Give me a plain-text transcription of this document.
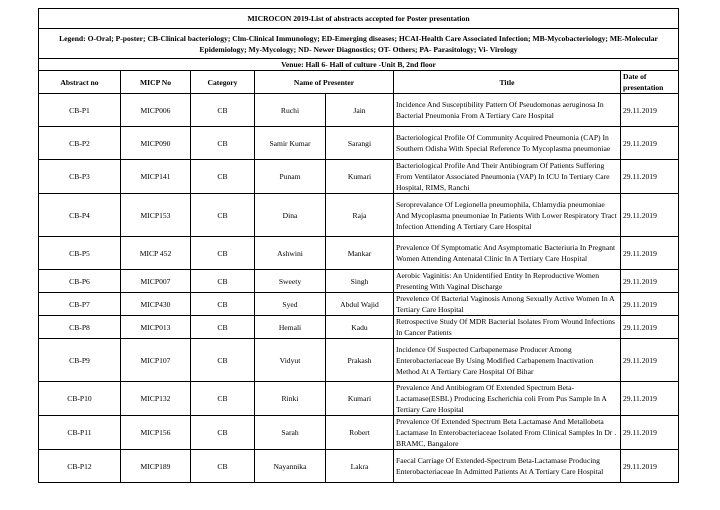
MICROCON 2019-List of abstracts accepted for Poster presentation						
Legend: O-Oral; P-poster; CB-Clinical bacteriology; Clm-Clinical Immunology; ED-Emerging diseases; HCAI-Health Care Associated Infection; MB-Mycobacteriology; ME-Molecular Epidemiology; My-Mycology; ND- Newer Diagnostics; OT- Others; PA- Parasitology; Vi- Virology						
Venue: Hall 6- Hall of culture -Unit B, 2nd floor						
Abstract no	MICP No	Category	Name of Presenter		Title	Date of presentation
CB-P1	MICP006	CB	Ruchi	Jain	Incidence And Susceptibility Pattern Of Pseudomonas aeruginosa In Bacterial Pneumonia From A Tertiary Care Hospital	29.11.2019
CB-P2	MICP090	CB	Samir Kumar	Sarangi	Bacteriological Profile Of Community Acquired Pneumonia (CAP) In Southern Odisha With Special Reference To Mycoplasma pneumoniae	29.11.2019
CB-P3	MICP141	CB	Punam	Kumari	Bacteriological Profile And Their Antibiogram Of Patients Suffering From Ventilator Associated Pneumonia (VAP) In ICU In Tertiary Care Hospital, RIMS, Ranchi	29.11.2019
CB-P4	MICP153	CB	Dina	Raja	Seroprevalance Of Legionella pneumophila, Chlamydia pneumoniae And Mycoplasma pneumoniae In Patients With Lower Respiratory Tract Infection Attending A Tertiary Care Hospital	29.11.2019
CB-P5	MICP 452	CB	Ashwini	Mankar	Prevalence Of Symptomatic And Asymptomatic Bacteriuria In Pregnant Women Attending Antenatal Clinic In A Tertiary Care Hospital	29.11.2019
CB-P6	MICP007	CB	Sweety	Singh	Aerobic Vaginitis: An Unidentified Entity In Reproductive Women Presenting With Vaginal Discharge	29.11.2019
CB-P7	MICP430	CB	Syed	Abdul Wajid	Prevelence Of Bacterial Vaginosis Among Sexually Active Women In A Tertiary Care Hospital	29.11.2019
CB-P8	MICP013	CB	Hemali	Kadu	Retrospective Study Of MDR Bacterial Isolates From Wound Infections In Cancer Patients	29.11.2019
CB-P9	MICP107	CB	Vidyut	Prakash	Incidence Of Suspected Carbapenemase Producer Among Enterobacteriaceae By Using Modified Carbapenem Inactivation Method At A Tertiary Care Hospital Of Bihar	29.11.2019
CB-P10	MICP132	CB	Rinki	Kumari	Prevalence And Antibiogram Of Extended Spectrum Beta-Lactamase(ESBL) Producing Escherichia coli From Pus Sample In A Tertiary Care Hospital	29.11.2019
CB-P11	MICP156	CB	Sarah	Robert	Prevalence Of Extended Spectrum Beta Lactamase And Metallobeta Lactamase In Enterobacteriaceae Isolated From Clinical Samples In Dr . BRAMC, Bangalore	29.11.2019
CB-P12	MICP189	CB	Nayannika	Lakra	Faecal Carriage Of Extended-Spectrum Beta-Lactamase Producing Enterobacteriaceae In Admitted Patients At A Tertiary Care Hospital	29.11.2019
